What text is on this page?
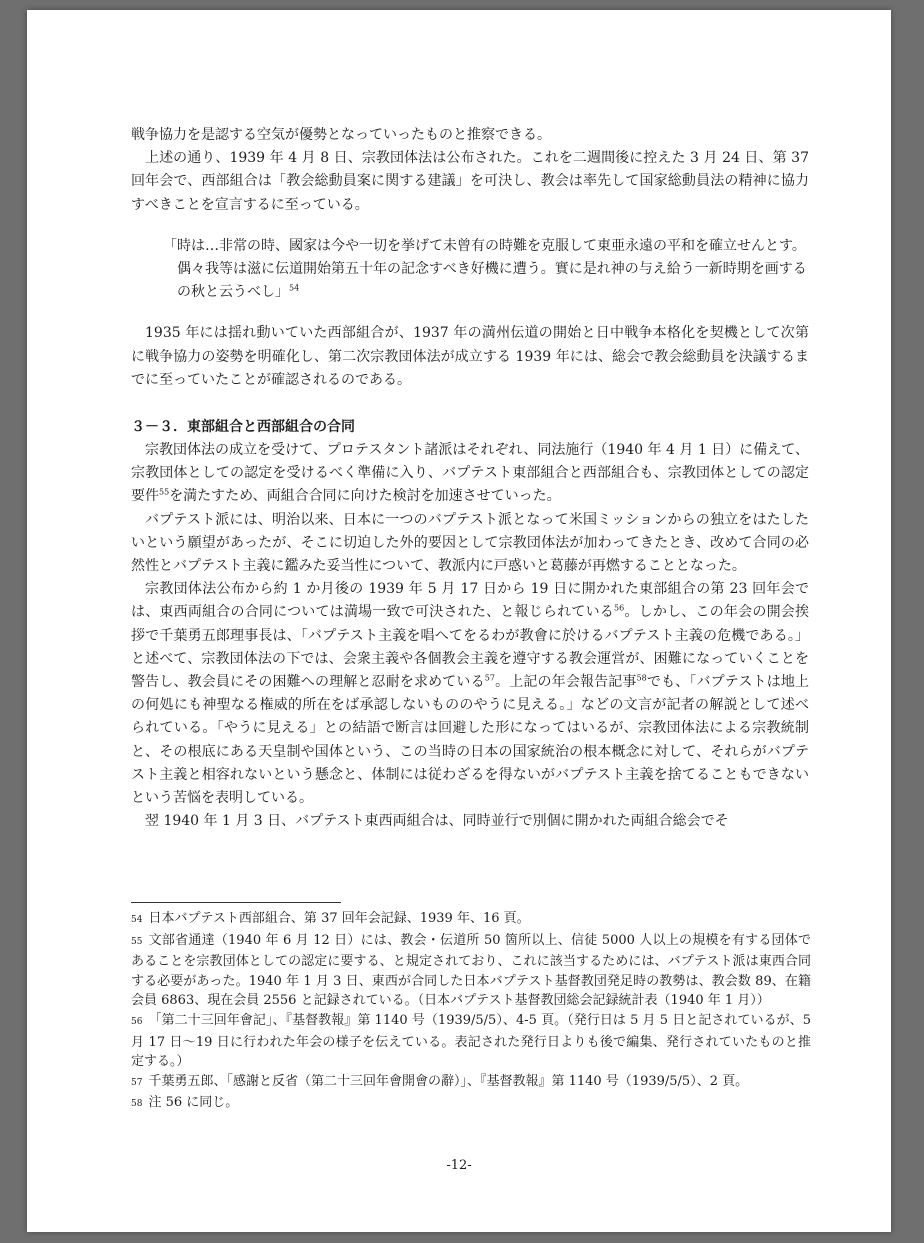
戦争協力を是認する空気が優勢となっていったものと推察できる。

上述の通り、1939 年 4 月 8 日、宗教団体法は公布された。これを二週間後に控えた 3 月 24 日、第 37 回年会で、西部組合は「教会総動員案に関する建議」を可決し、教会は率先して国家総動員法の精神に協力すべきことを宣言するに至っている。

「時は…非常の時、國家は今や一切を挙げて未曾有の時難を克服して東亜永遠の平和を確立せんとす。偶々我等は滋に伝道開始第五十年の記念すべき好機に遭う。實に是れ神の与え給う一新時期を画するの秋と云うべし」$^{54}$

1935 年には揺れ動いていた西部組合が、1937 年の満州伝道の開始と日中戦争本格化を契機として次第に戦争協力の姿勢を明確化し、第二次宗教団体法が成立する 1939 年には、総会で教会総動員を決議するまでに至っていたことが確認されるのである。

３－３．東部組合と西部組合の合同

宗教団体法の成立を受けて、プロテスタント諸派はそれぞれ、同法施行（1940 年 4 月 1 日）に備えて、宗教団体としての認定を受けるべく準備に入り、バプテスト東部組合と西部組合も、宗教団体としての認定要件$^{55}$を満たすため、両組合合同に向けた検討を加速させていった。

バプテスト派には、明治以来、日本に一つのバプテスト派となって米国ミッションからの独立をはたしたいという願望があったが、そこに切迫した外的要因として宗教団体法が加わってきたとき、改めて合同の必然性とバプテスト主義に鑑みた妥当性について、教派内に戸惑いと葛藤が再燃することとなった。

宗教団体法公布から約 1 か月後の 1939 年 5 月 17 日から 19 日に開かれた東部組合の第 23 回年会では、東西両組合の合同については満場一致で可決された、と報じられている$^{56}$。しかし、この年会の開会挨拶で千葉勇五郎理事長は、「バプテスト主義を唱へてをるわが教會に於けるバプテスト主義の危機である。」と述べて、宗教団体法の下では、会衆主義や各個教会主義を遵守する教会運営が、困難になっていくことを警告し、教会員にその困難への理解と忍耐を求めている$^{57}$。上記の年会報告記事$^{58}$でも、「バプテストは地上の何処にも神聖なる権威的所在をば承認しないもののやうに見える。」などの文言が記者の解説として述べられている。「やうに見える」との結語で断言は回避した形になってはいるが、宗教団体法による宗教統制と、その根底にある天皇制や国体という、この当時の日本の国家統治の根本概念に対して、それらがバプテスト主義と相容れないという懸念と、体制には従わざるを得ないがバプテスト主義を捨てることもできないという苦悩を表明している。

翌 1940 年 1 月 3 日、バプテスト東西両組合は、同時並行で別個に開かれた両組合総会でそ

54 日本バプテスト西部組合、第 37 回年会記録、1939 年、16 頁。

55 文部省通達（1940 年 6 月 12 日）には、教会・伝道所 50 箇所以上、信徒 5000 人以上の規模を有する団体であることを宗教団体としての認定に要する、と規定されており、これに該当するためには、バプテスト派は東西合同する必要があった。1940 年 1 月 3 日、東西が合同した日本バプテスト基督教団発足時の教勢は、教会数 89、在籍会員 6863、現在会員 2556 と記録されている。（日本バプテスト基督教団総会記録統計表（1940 年 1 月））

56 「第二十三回年會記」、『基督教報』第 1140 号（1939/5/5）、4-5 頁。（発行日は 5 月 5 日と記されているが、5 月 17 日～19 日に行われた年会の様子を伝えている。表記された発行日よりも後で編集、発行されていたものと推定する。）

57 千葉勇五郎、「感謝と反省（第二十三回年會開會の辭）」、『基督教報』第 1140 号（1939/5/5）、2 頁。

58 注 56 に同じ。

-12-
